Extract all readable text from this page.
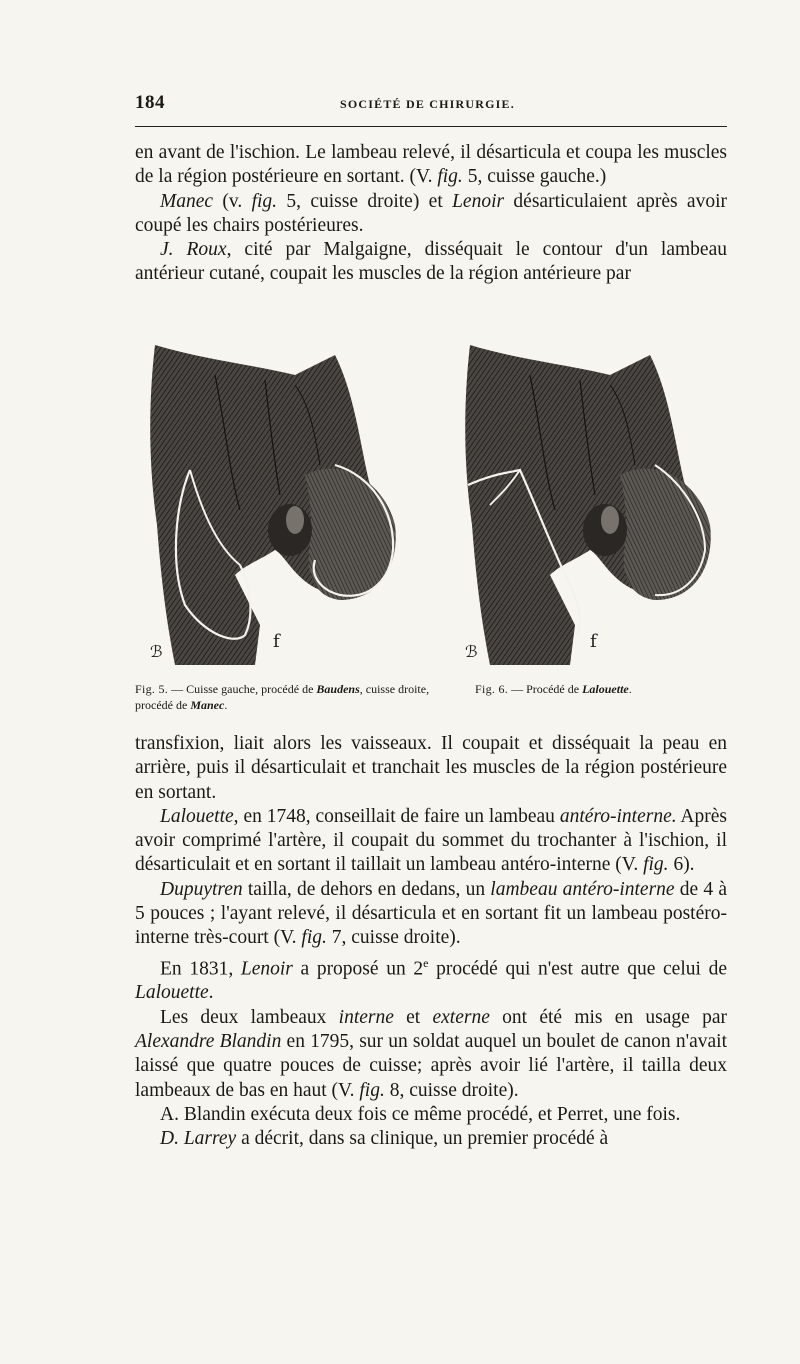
184	SOCIÉTÉ DE CHIRURGIE.

en avant de l'ischion. Le lambeau relevé, il désarticula et coupa les muscles de la région postérieure en sortant. (V. fig. 5, cuisse gauche.)

Manec (v. fig. 5, cuisse droite) et Lenoir désarticulaient après avoir coupé les chairs postérieures.

J. Roux, cité par Malgaigne, disséquait le contour d'un lambeau antérieur cutané, coupait les muscles de la région antérieure par

ℬ	f
Fig. 5. — Cuisse gauche, procédé de Baudens, cuisse droite, procédé de Manec.
ℬ	f
Fig. 6. — Procédé de Lalouette.

transfixion, liait alors les vaisseaux. Il coupait et disséquait la peau en arrière, puis il désarticulait et tranchait les muscles de la région postérieure en sortant.

Lalouette, en 1748, conseillait de faire un lambeau antéro-interne. Après avoir comprimé l'artère, il coupait du sommet du trochanter à l'ischion, il désarticulait et en sortant il taillait un lambeau antéro-interne (V. fig. 6).

Dupuytren tailla, de dehors en dedans, un lambeau antéro-interne de 4 à 5 pouces ; l'ayant relevé, il désarticula et en sortant fit un lambeau postéro-interne très-court (V. fig. 7, cuisse droite).

En 1831, Lenoir a proposé un 2e procédé qui n'est autre que celui de Lalouette.

Les deux lambeaux interne et externe ont été mis en usage par Alexandre Blandin en 1795, sur un soldat auquel un boulet de canon n'avait laissé que quatre pouces de cuisse; après avoir lié l'artère, il tailla deux lambeaux de bas en haut (V. fig. 8, cuisse droite).

A. Blandin exécuta deux fois ce même procédé, et Perret, une fois.

D. Larrey a décrit, dans sa clinique, un premier procédé à
